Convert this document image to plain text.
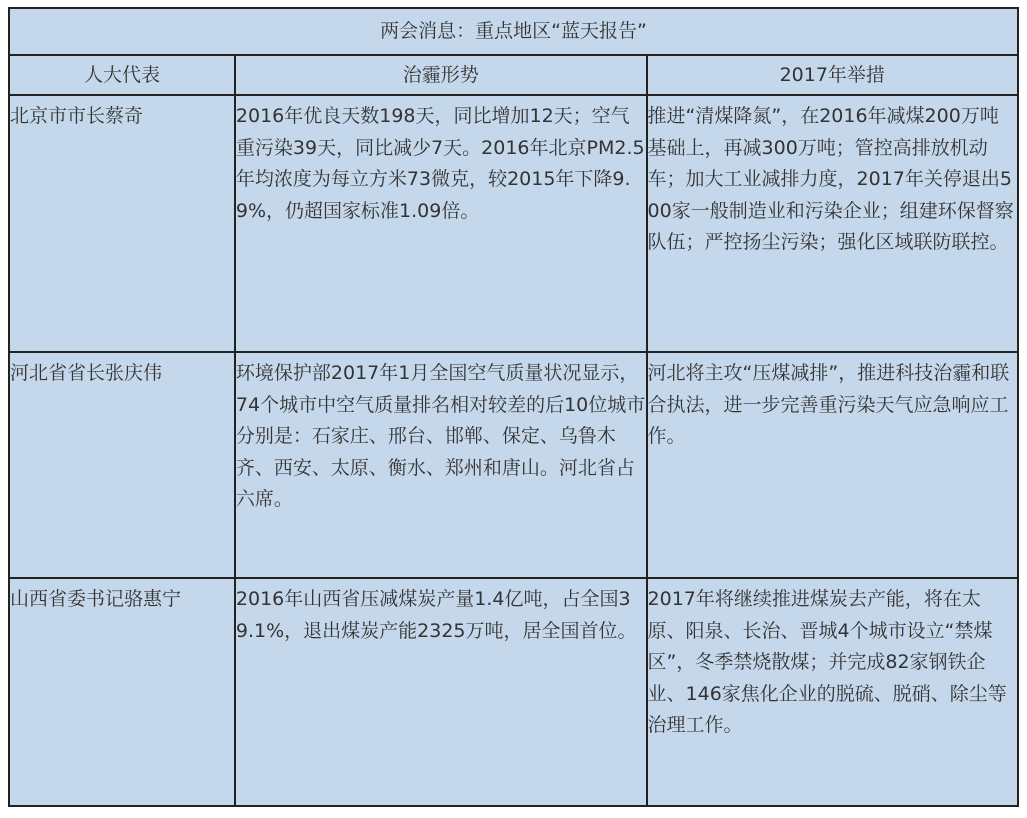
两会消息：重点地区“蓝天报告”		
人大代表	治霾形势	2017年举措

北京市市长蔡奇	2016年优良天数198天，同比增加12天；空气重污染39天，同比减少7天。2016年北京PM2.5年均浓度为每立方米73微克，较2015年下降9.9%，仍超国家标准1.09倍。	推进“清煤降氮”，在2016年减煤200万吨基础上，再减300万吨；管控高排放机动车；加大工业减排力度，2017年关停退出500家一般制造业和污染企业；组建环保督察队伍；严控扬尘污染；强化区域联防联控。

河北省省长张庆伟	环境保护部2017年1月全国空气质量状况显示，74个城市中空气质量排名相对较差的后10位城市分别是：石家庄、邢台、邯郸、保定、乌鲁木齐、西安、太原、衡水、郑州和唐山。河北省占六席。	河北将主攻“压煤减排”，推进科技治霾和联合执法，进一步完善重污染天气应急响应工作。

山西省委书记骆惠宁	2016年山西省压减煤炭产量1.4亿吨，占全国39.1%，退出煤炭产能2325万吨，居全国首位。	2017年将继续推进煤炭去产能，将在太原、阳泉、长治、晋城4个城市设立“禁煤区”，冬季禁烧散煤；并完成82家钢铁企业、146家焦化企业的脱硫、脱硝、除尘等治理工作。
